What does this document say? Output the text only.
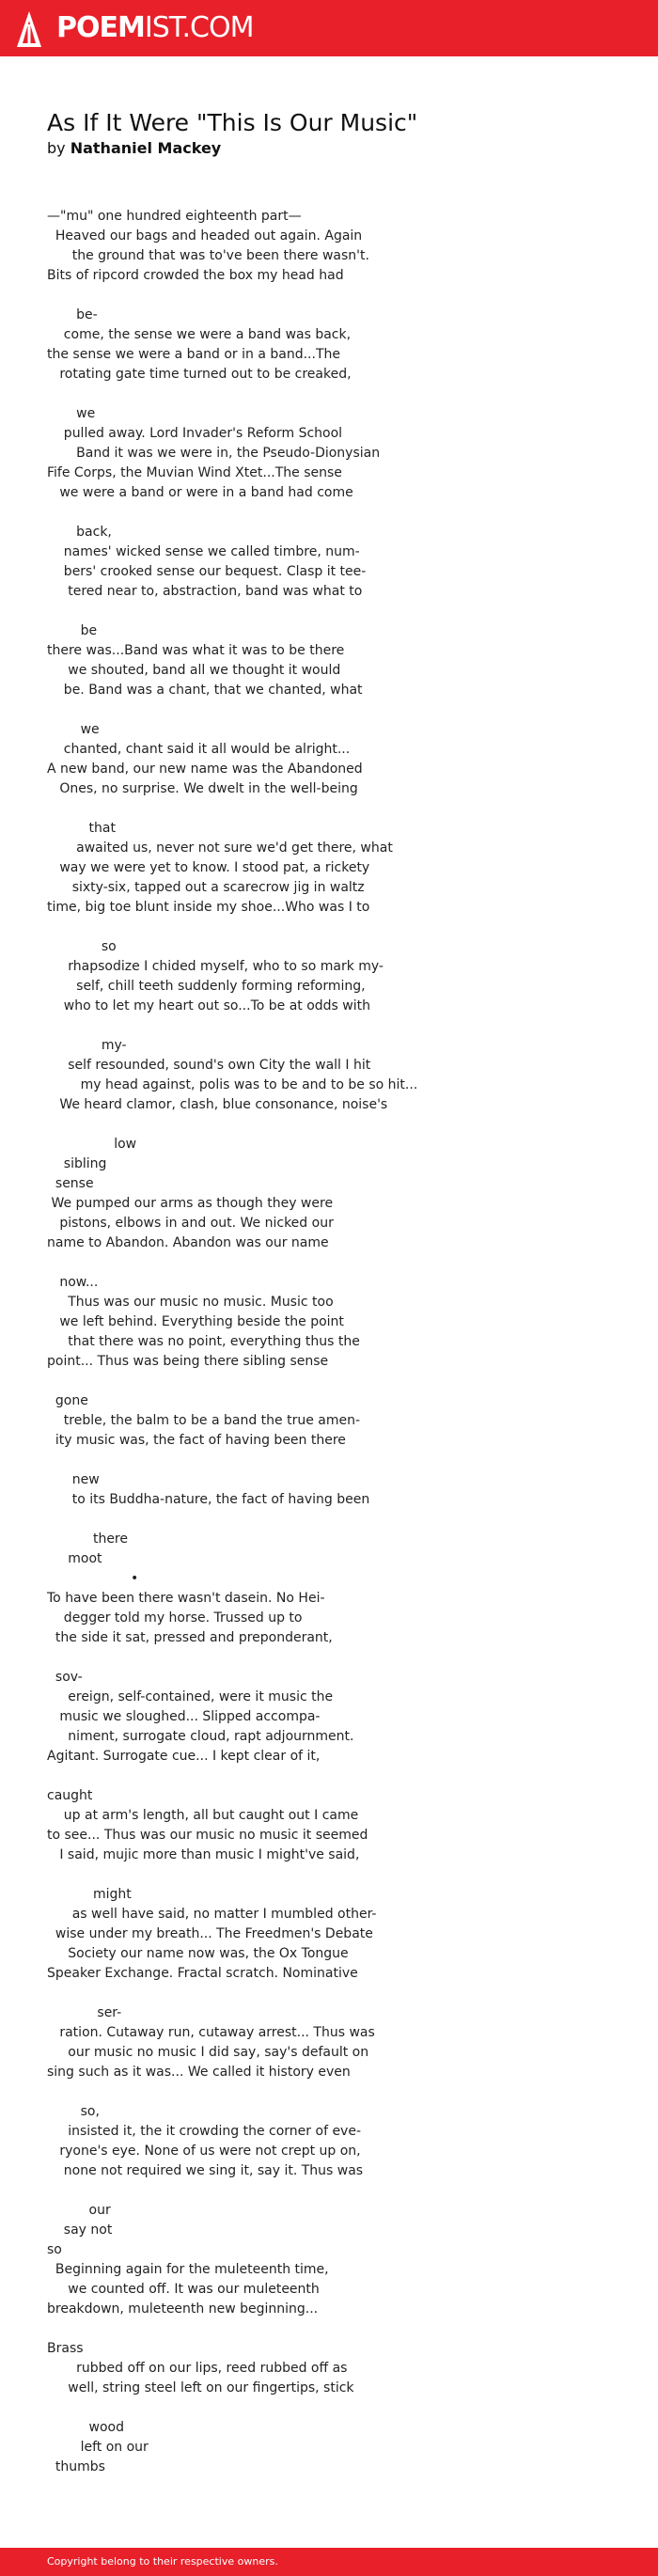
POEMIST.COM
As If It Were "This Is Our Music"
by Nathaniel Mackey
—"mu" one hundred eighteenth part—
Heaved our bags and headed out again. Again
the ground that was to've been there wasn't.
Bits of ripcord crowded the box my head had

be-
come, the sense we were a band was back,
the sense we were a band or in a band...The
rotating gate time turned out to be creaked,

we
pulled away. Lord Invader's Reform School
Band it was we were in, the Pseudo-Dionysian
Fife Corps, the Muvian Wind Xtet...The sense
we were a band or were in a band had come

back,
names' wicked sense we called timbre, num-
bers' crooked sense our bequest. Clasp it tee-
tered near to, abstraction, band was what to

be
there was...Band was what it was to be there
we shouted, band all we thought it would
be. Band was a chant, that we chanted, what

we
chanted, chant said it all would be alright...
A new band, our new name was the Abandoned
Ones, no surprise. We dwelt in the well-being

that
awaited us, never not sure we'd get there, what
way we were yet to know. I stood pat, a rickety
sixty-six, tapped out a scarecrow jig in waltz
time, big toe blunt inside my shoe...Who was I to

so
rhapsodize I chided myself, who to so mark my-
self, chill teeth suddenly forming reforming,
who to let my heart out so...To be at odds with

my-
self resounded, sound's own City the wall I hit
my head against, polis was to be and to be so hit...
We heard clamor, clash, blue consonance, noise's

low
sibling
sense
We pumped our arms as though they were
pistons, elbows in and out. We nicked our
name to Abandon. Abandon was our name

now...
Thus was our music no music. Music too
we left behind. Everything beside the point
that there was no point, everything thus the
point... Thus was being there sibling sense

gone
treble, the balm to be a band the true amen-
ity music was, the fact of having been there

new
to its Buddha-nature, the fact of having been

there
moot
•
To have been there wasn't dasein. No Hei-
degger told my horse. Trussed up to
the side it sat, pressed and preponderant,

sov-
ereign, self-contained, were it music the
music we sloughed... Slipped accompa-
niment, surrogate cloud, rapt adjournment.
Agitant. Surrogate cue... I kept clear of it,

caught
up at arm's length, all but caught out I came
to see... Thus was our music no music it seemed
I said, mujic more than music I might've said,

might
as well have said, no matter I mumbled other-
wise under my breath... The Freedmen's Debate
Society our name now was, the Ox Tongue
Speaker Exchange. Fractal scratch. Nominative

ser-
ration. Cutaway run, cutaway arrest... Thus was
our music no music I did say, say's default on
sing such as it was... We called it history even

so,
insisted it, the it crowding the corner of eve-
ryone's eye. None of us were not crept up on,
none not required we sing it, say it. Thus was

our
say not
so
Beginning again for the muleteenth time,
we counted off. It was our muleteenth
breakdown, muleteenth new beginning...

Brass
rubbed off on our lips, reed rubbed off as
well, string steel left on our fingertips, stick

wood
left on our
thumbs
Copyright belong to their respective owners.
